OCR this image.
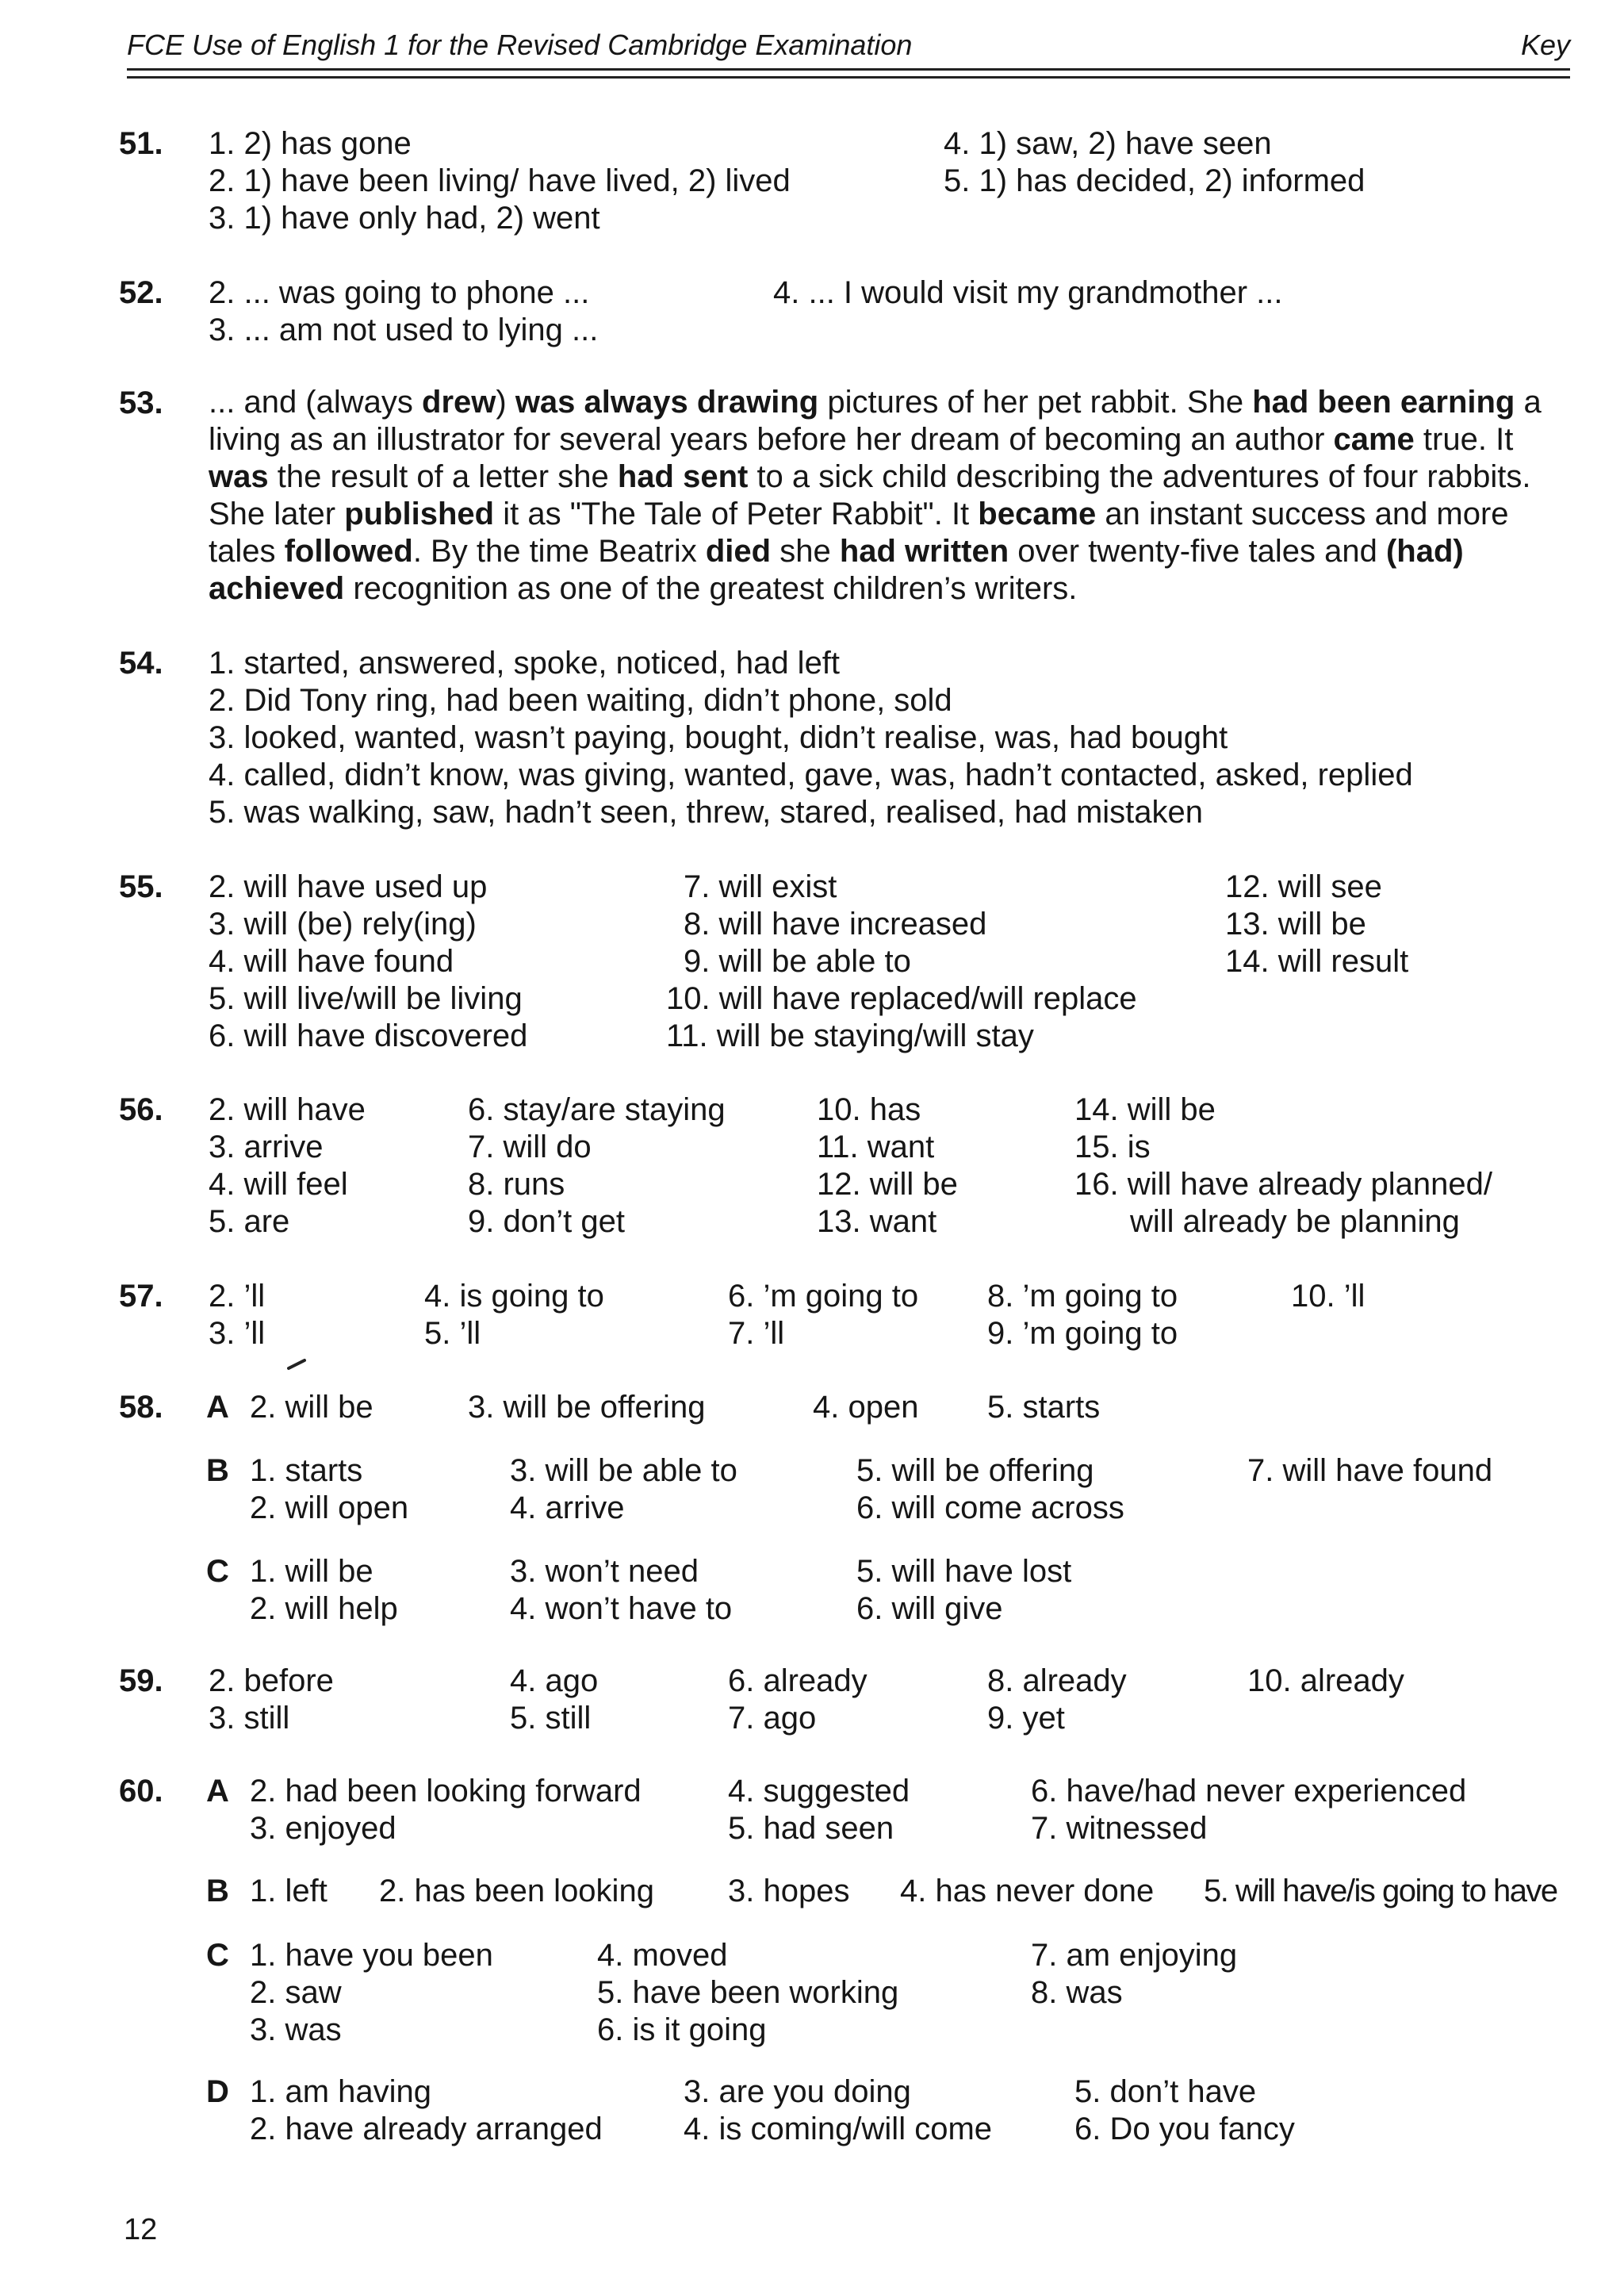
FCE Use of English 1 for the Revised Cambridge Examination	Key
51. 1. 2) has gone
2. 1) have been living/ have lived, 2) lived
3. 1) have only had, 2) went
4. 1) saw, 2) have seen
5. 1) has decided, 2) informed
52. 2. ... was going to phone ...
3. ... am not used to lying ...
4. ... I would visit my grandmother ...
53. ... and (always drew) was always drawing pictures of her pet rabbit. She had been earning a living as an illustrator for several years before her dream of becoming an author came true. It was the result of a letter she had sent to a sick child describing the adventures of four rabbits. She later published it as "The Tale of Peter Rabbit". It became an instant success and more tales followed. By the time Beatrix died she had written over twenty-five tales and (had) achieved recognition as one of the greatest children’s writers.
54. 1. started, answered, spoke, noticed, had left
2. Did Tony ring, had been waiting, didn’t phone, sold
3. looked, wanted, wasn’t paying, bought, didn’t realise, was, had bought
4. called, didn’t know, was giving, wanted, gave, was, hadn’t contacted, asked, replied
5. was walking, saw, hadn’t seen, threw, stared, realised, had mistaken
55. 2. will have used up
3. will (be) rely(ing)
4. will have found
5. will live/will be living
6. will have discovered
7. will exist
8. will have increased
9. will be able to
10. will have replaced/will replace
11. will be staying/will stay
12. will see
13. will be
14. will result
56. 2. will have
3. arrive
4. will feel
5. are
6. stay/are staying
7. will do
8. runs
9. don’t get
10. has
11. want
12. will be
13. want
14. will be
15. is
16. will have already planned/
will already be planning
57. 2. ’ll
3. ’ll
4. is going to
5. ’ll
6. ’m going to
7. ’ll
8. ’m going to
9. ’m going to
10. ’ll
58. A 2. will be	3. will be offering	4. open 5. starts
B 1. starts
2. will open
3. will be able to
4. arrive
5. will be offering
6. will come across
7. will have found
C 1. will be
2. will help
3. won’t need
4. won’t have to
5. will have lost
6. will give
59. 2. before
3. still
4. ago
5. still
6. already
7. ago
8. already
9. yet
10. already
60. A 2. had been looking forward
3. enjoyed
4. suggested
5. had seen
6. have/had never experienced
7. witnessed
B 1. left 2. has been looking 3. hopes 4. has never done 5. will have/is going to have
C 1. have you been
2. saw
3. was
4. moved
5. have been working
6. is it going
7. am enjoying
8. was
D 1. am having
2. have already arranged
3. are you doing
4. is coming/will come
5. don’t have
6. Do you fancy
12
